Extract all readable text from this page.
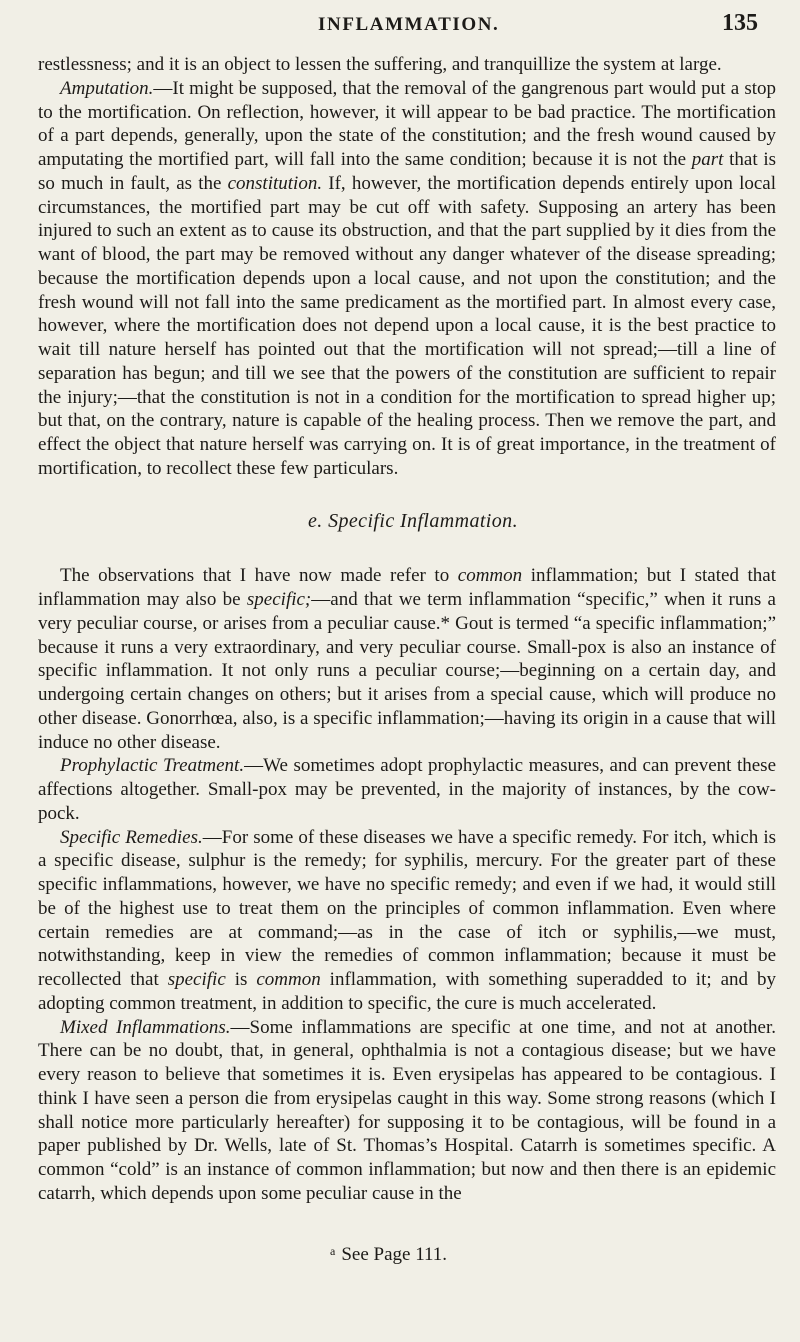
INFLAMMATION.	135

restlessness; and it is an object to lessen the suffering, and tranquillize the system at large.

Amputation.—It might be supposed, that the removal of the gangrenous part would put a stop to the mortification. On reflection, however, it will appear to be bad practice. The mortification of a part depends, generally, upon the state of the constitution; and the fresh wound caused by amputating the mortified part, will fall into the same condition; because it is not the part that is so much in fault, as the constitution. If, however, the mortification depends entirely upon local circumstances, the mortified part may be cut off with safety. Supposing an artery has been injured to such an extent as to cause its obstruction, and that the part supplied by it dies from the want of blood, the part may be removed without any danger whatever of the disease spreading; because the mortification depends upon a local cause, and not upon the constitution; and the fresh wound will not fall into the same predicament as the mortified part. In almost every case, however, where the mortification does not depend upon a local cause, it is the best practice to wait till nature herself has pointed out that the mortification will not spread;—till a line of separation has begun; and till we see that the powers of the constitution are sufficient to repair the injury;—that the constitution is not in a condition for the mortification to spread higher up; but that, on the contrary, nature is capable of the healing process. Then we remove the part, and effect the object that nature herself was carrying on. It is of great importance, in the treatment of mortification, to recollect these few particulars.

e. Specific Inflammation.

The observations that I have now made refer to common inflammation; but I stated that inflammation may also be specific;—and that we term inflammation “specific,” when it runs a very peculiar course, or arises from a peculiar cause.* Gout is termed “a specific inflammation;” because it runs a very extraordinary, and very peculiar course. Small-pox is also an instance of specific inflammation. It not only runs a peculiar course;—beginning on a certain day, and undergoing certain changes on others; but it arises from a special cause, which will produce no other disease. Gonorrhœa, also, is a specific inflammation;—having its origin in a cause that will induce no other disease.

Prophylactic Treatment.—We sometimes adopt prophylactic measures, and can prevent these affections altogether. Small-pox may be prevented, in the majority of instances, by the cow-pock.

Specific Remedies.—For some of these diseases we have a specific remedy. For itch, which is a specific disease, sulphur is the remedy; for syphilis, mercury. For the greater part of these specific inflammations, however, we have no specific remedy; and even if we had, it would still be of the highest use to treat them on the principles of common inflammation. Even where certain remedies are at command;—as in the case of itch or syphilis,—we must, notwithstanding, keep in view the remedies of common inflammation; because it must be recollected that specific is common inflammation, with something superadded to it; and by adopting common treatment, in addition to specific, the cure is much accelerated.

Mixed Inflammations.—Some inflammations are specific at one time, and not at another. There can be no doubt, that, in general, ophthalmia is not a contagious disease; but we have every reason to believe that sometimes it is. Even erysipelas has appeared to be contagious. I think I have seen a person die from erysipelas caught in this way. Some strong reasons (which I shall notice more particularly hereafter) for supposing it to be contagious, will be found in a paper published by Dr. Wells, late of St. Thomas’s Hospital. Catarrh is sometimes specific. A common “cold” is an instance of common inflammation; but now and then there is an epidemic catarrh, which depends upon some peculiar cause in the

$^a$ See Page 111.
